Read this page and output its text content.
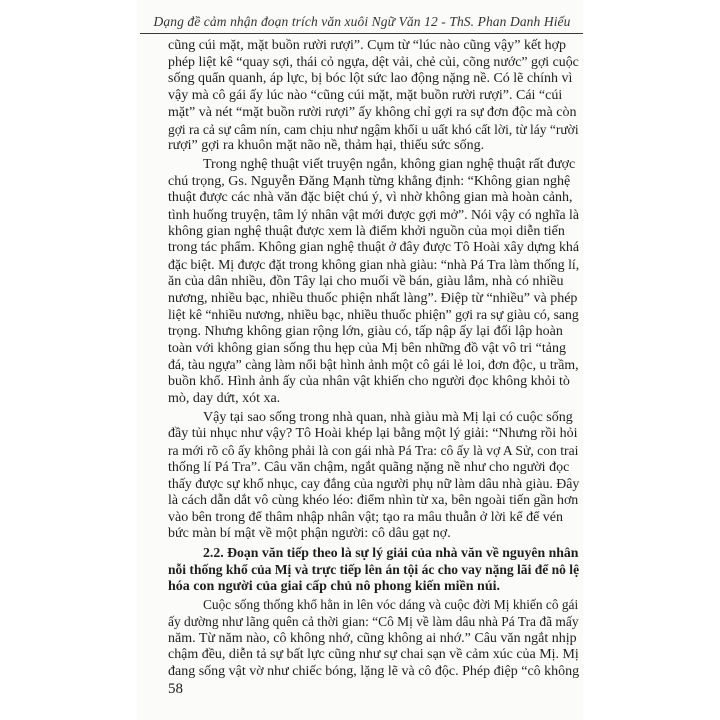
Dạng đề cảm nhận đoạn trích văn xuôi Ngữ Văn 12 - ThS. Phan Danh Hiếu
cũng cúi mặt, mặt buồn rười rượi”. Cụm từ “lúc nào cũng vậy” kết hợp
phép liệt kê “quay sợi, thái cỏ ngựa, dệt vải, chẻ củi, cõng nước” gợi cuộc
sống quẩn quanh, áp lực, bị bóc lột sức lao động nặng nề. Có lẽ chính vì
vậy mà cô gái ấy lúc nào “cũng cúi mặt, mặt buồn rười rượi”. Cái “cúi
mặt” và nét “mặt buồn rười rượi” ấy không chỉ gợi ra sự đơn độc mà còn
gợi ra cả sự câm nín, cam chịu như ngậm khối u uất khó cất lời, từ láy “rười
rượi” gợi ra khuôn mặt não nề, thảm hại, thiếu sức sống.
Trong nghệ thuật viết truyện ngắn, không gian nghệ thuật rất được
chú trọng, Gs. Nguyễn Đăng Mạnh từng khẳng định: “Không gian nghệ
thuật được các nhà văn đặc biệt chú ý, vì nhờ không gian mà hoàn cảnh,
tình huống truyện, tâm lý nhân vật mới được gợi mở”. Nói vậy có nghĩa là
không gian nghệ thuật được xem là điểm khởi nguồn của mọi diễn tiến
trong tác phẩm. Không gian nghệ thuật ở đây được Tô Hoài xây dựng khá
đặc biệt. Mị được đặt trong không gian nhà giàu: “nhà Pá Tra làm thống lí,
ăn của dân nhiều, đồn Tây lại cho muối về bán, giàu lắm, nhà có nhiều
nương, nhiều bạc, nhiều thuốc phiện nhất làng”. Điệp từ “nhiều” và phép
liệt kê “nhiều nương, nhiều bạc, nhiều thuốc phiện” gợi ra sự giàu có, sang
trọng. Nhưng không gian rộng lớn, giàu có, tấp nập ấy lại đối lập hoàn
toàn với không gian sống thu hẹp của Mị bên những đồ vật vô tri “tảng
đá, tàu ngựa” càng làm nổi bật hình ảnh một cô gái lẻ loi, đơn độc, u trầm,
buồn khổ. Hình ảnh ấy của nhân vật khiến cho người đọc không khỏi tò
mò, day dứt, xót xa.
Vậy tại sao sống trong nhà quan, nhà giàu mà Mị lại có cuộc sống
đầy tủi nhục như vậy? Tô Hoài khép lại bằng một lý giải: “Nhưng rồi hỏi
ra mới rõ cô ấy không phải là con gái nhà Pá Tra: cô ấy là vợ A Sử, con trai
thống lí Pá Tra”. Câu văn chậm, ngắt quãng nặng nề như cho người đọc
thấy được sự khổ nhục, cay đắng của người phụ nữ làm dâu nhà giàu. Đây
là cách dẫn dắt vô cùng khéo léo: điểm nhìn từ xa, bên ngoài tiến gần hơn
vào bên trong để thâm nhập nhân vật; tạo ra mâu thuẫn ở lời kể để vén
bức màn bí mật về một phận người: cô dâu gạt nợ.
2.2. Đoạn văn tiếp theo là sự lý giải của nhà văn về nguyên nhân
nỗi thống khổ của Mị và trực tiếp lên án tội ác cho vay nặng lãi để nô lệ
hóa con người của giai cấp chủ nô phong kiến miền núi.
Cuộc sống thống khổ hằn in lên vóc dáng và cuộc đời Mị khiến cô gái
ấy dường như lãng quên cả thời gian: “Cô Mị về làm dâu nhà Pá Tra đã mấy
năm. Từ năm nào, cô không nhớ, cũng không ai nhớ.” Câu văn ngắt nhịp
chậm đều, diễn tả sự bất lực cũng như sự chai sạn về cảm xúc của Mị. Mị
đang sống vật vờ như chiếc bóng, lặng lẽ và cô độc. Phép điệp “cô không
58
